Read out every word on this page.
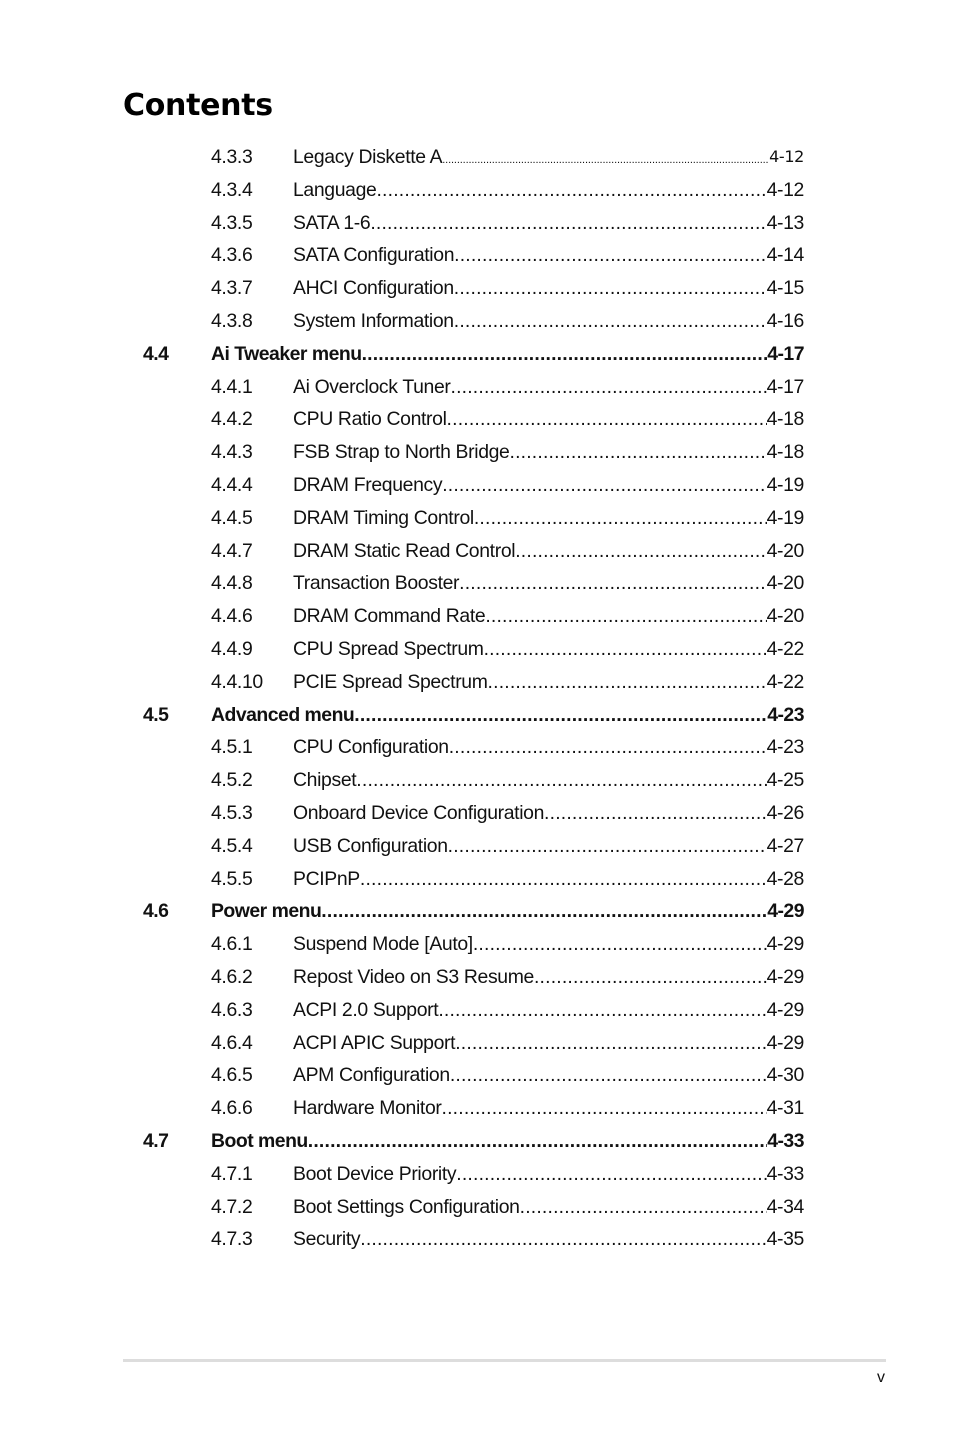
Contents
4.3.3 Legacy Diskette A . . .	4-12
4.3.4 Language . . .	4-12
4.3.5 SATA 1-6 . . .	4-13
4.3.6 SATA Configuration . . .	4-14
4.3.7 AHCI Configuration . . .	4-15
4.3.8 System Information . . .	4-16
4.4 Ai Tweaker menu . . .	4-17
4.4.1 Ai Overclock Tuner . . .	4-17
4.4.2 CPU Ratio Control . . .	4-18
4.4.3 FSB Strap to North Bridge . . .	4-18
4.4.4 DRAM Frequency . . .	4-19
4.4.5 DRAM Timing Control . . .	4-19
4.4.7 DRAM Static Read Control . . .	4-20
4.4.8 Transaction Booster . . .	4-20
4.4.6 DRAM Command Rate . . .	4-20
4.4.9 CPU Spread Spectrum . . .	4-22
4.4.10 PCIE Spread Spectrum . . .	4-22
4.5 Advanced menu . . .	4-23
4.5.1 CPU Configuration . . .	4-23
4.5.2 Chipset . . .	4-25
4.5.3 Onboard Device Configuration . . .	4-26
4.5.4 USB Configuration . . .	4-27
4.5.5 PCIPnP . . .	4-28
4.6 Power menu . . .	4-29
4.6.1 Suspend Mode [Auto] . . .	4-29
4.6.2 Repost Video on S3 Resume . . .	4-29
4.6.3 ACPI 2.0 Support . . .	4-29
4.6.4 ACPI APIC Support . . .	4-29
4.6.5 APM Configuration . . .	4-30
4.6.6 Hardware Monitor . . .	4-31
4.7 Boot menu . . .	4-33
4.7.1 Boot Device Priority . . .	4-33
4.7.2 Boot Settings Configuration . . .	4-34
4.7.3 Security . . .	4-35
v
